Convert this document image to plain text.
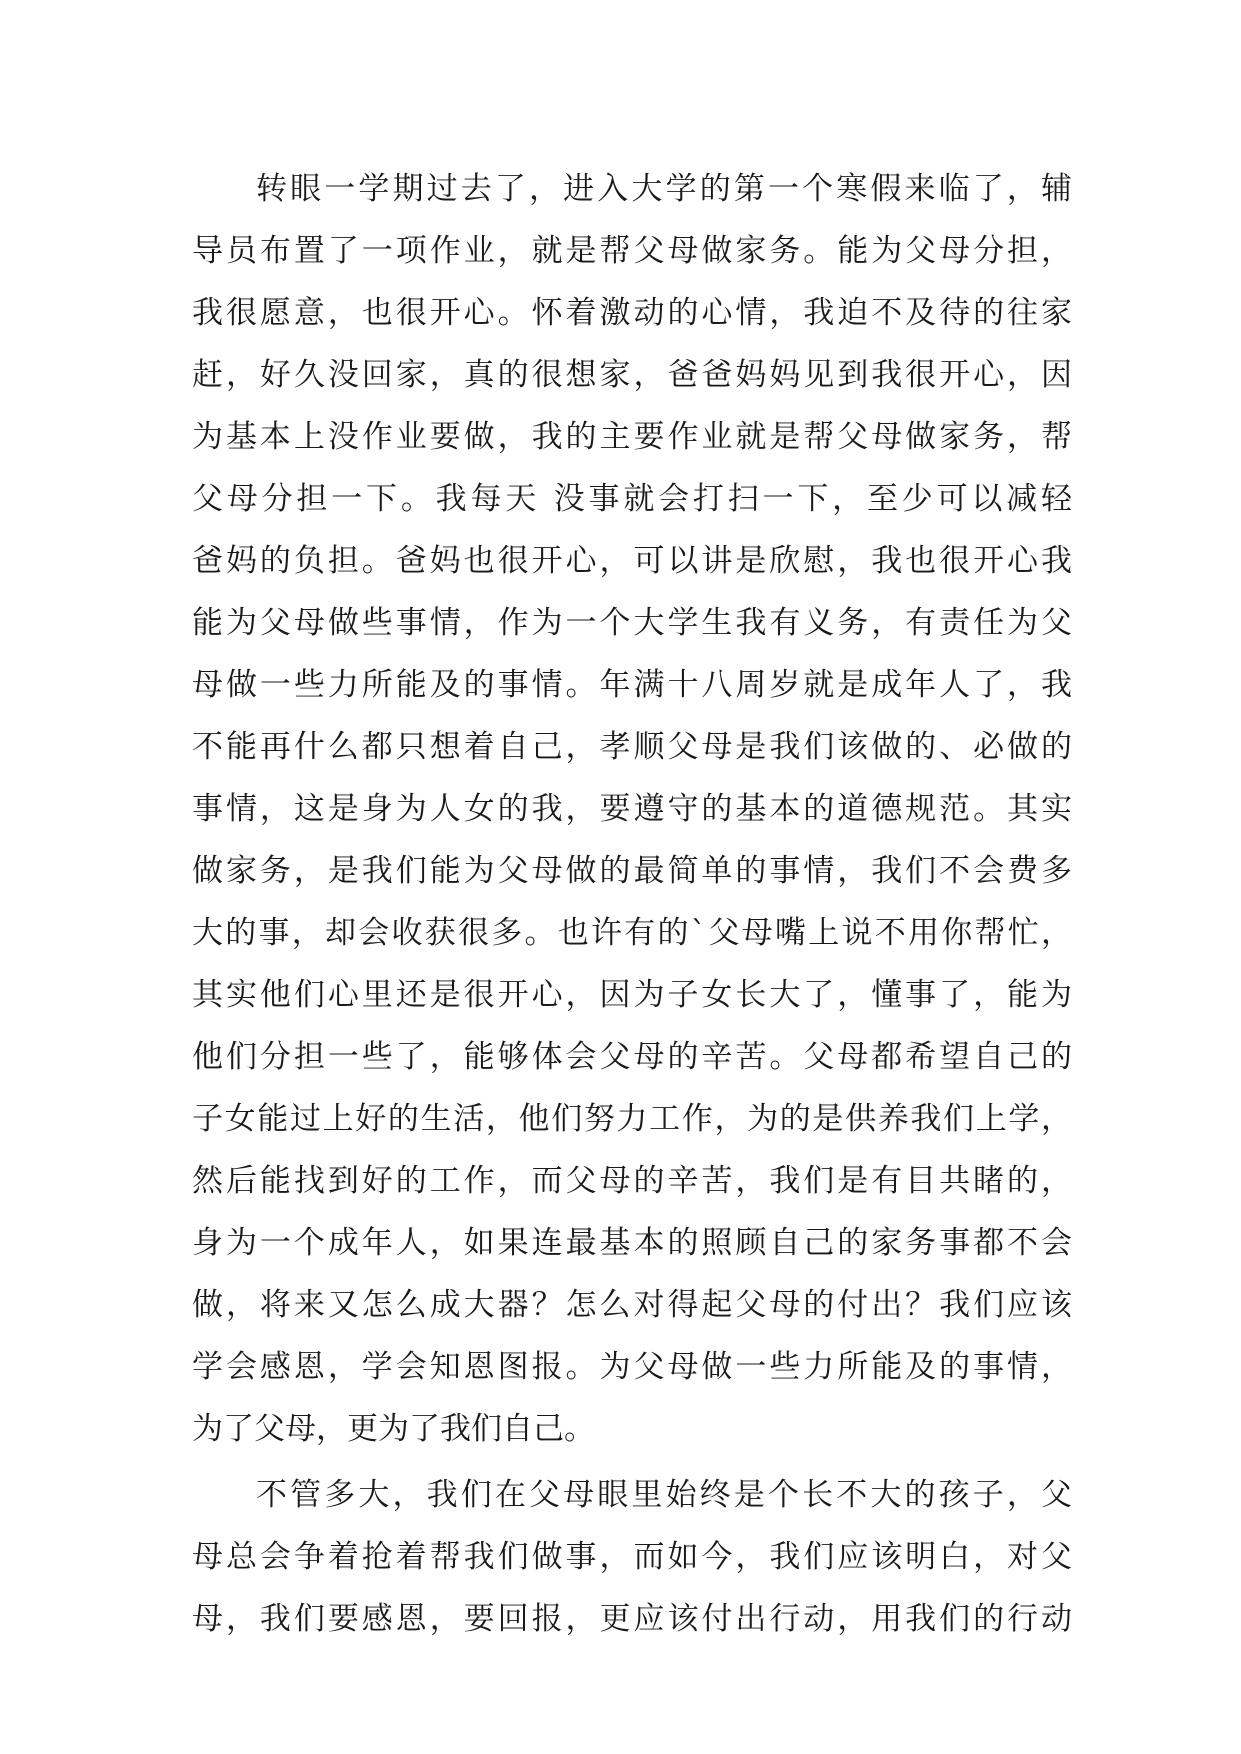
转眼一学期过去了，进入大学的第一个寒假来临了，辅
导员布置了一项作业，就是帮父母做家务。能为父母分担，
我很愿意，也很开心。怀着激动的心情，我迫不及待的往家
赶，好久没回家，真的很想家，爸爸妈妈见到我很开心，因
为基本上没作业要做，我的主要作业就是帮父母做家务，帮
父母分担一下。我每天 没事就会打扫一下，至少可以减轻
爸妈的负担。爸妈也很开心，可以讲是欣慰，我也很开心我
能为父母做些事情，作为一个大学生我有义务，有责任为父
母做一些力所能及的事情。年满十八周岁就是成年人了，我
不能再什么都只想着自己，孝顺父母是我们该做的、必做的
事情，这是身为人女的我，要遵守的基本的道德规范。其实
做家务，是我们能为父母做的最简单的事情，我们不会费多
大的事，却会收获很多。也许有的`父母嘴上说不用你帮忙，
其实他们心里还是很开心，因为子女长大了，懂事了，能为
他们分担一些了，能够体会父母的辛苦。父母都希望自己的
子女能过上好的生活，他们努力工作，为的是供养我们上学，
然后能找到好的工作，而父母的辛苦，我们是有目共睹的，
身为一个成年人，如果连最基本的照顾自己的家务事都不会
做，将来又怎么成大器？怎么对得起父母的付出？我们应该
学会感恩，学会知恩图报。为父母做一些力所能及的事情，
为了父母，更为了我们自己。
不管多大，我们在父母眼里始终是个长不大的孩子，父
母总会争着抢着帮我们做事，而如今，我们应该明白，对父
母，我们要感恩，要回报，更应该付出行动，用我们的行动
